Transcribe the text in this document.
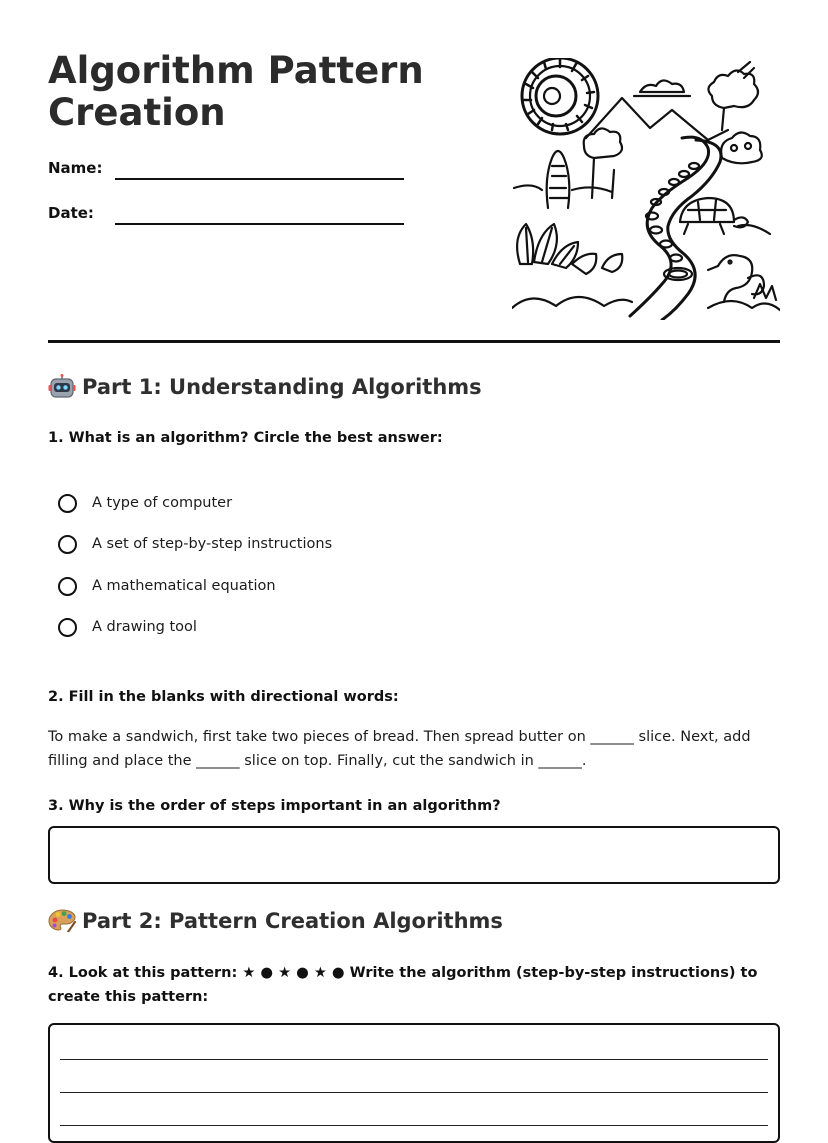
Algorithm Pattern Creation
Name:
Date:
Part 1: Understanding Algorithms
1. What is an algorithm? Circle the best answer:
A type of computer
A set of step-by-step instructions
A mathematical equation
A drawing tool
2. Fill in the blanks with directional words:
To make a sandwich, first take two pieces of bread. Then spread butter on ______ slice. Next, add filling and place the ______ slice on top. Finally, cut the sandwich in ______.
3. Why is the order of steps important in an algorithm?
Part 2: Pattern Creation Algorithms
4. Look at this pattern: ★ ● ★ ● ★ ● Write the algorithm (step-by-step instructions) to create this pattern:
